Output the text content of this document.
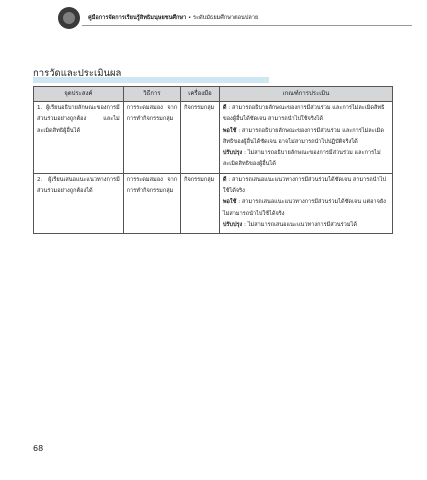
คู่มือการจัดการเรียนรู้สิทธิมนุษยชนศึกษา • ระดับมัธยมศึกษาตอนปลาย
การวัดและประเมินผล
จุดประสงค์	วิธีการ	เครื่องมือ	เกณฑ์การประเมิน
1. ผู้เรียนอธิบายลักษณะของการมีส่วนร่วมอย่างถูกต้อง และไม่ละเมิดสิทธิผู้อื่นได้	การระดมสมอง จากการทำกิจกรรมกลุ่ม	กิจกรรมกลุ่ม	ดี : สามารถอธิบายลักษณะของการมีส่วนร่วม และการไม่ละเมิดสิทธิของผู้อื่นได้ชัดเจน สามารถนำไปใช้จริงได้
พอใช้ : สามารถอธิบายลักษณะของการมีส่วนร่วม และการไม่ละเมิดสิทธิของผู้อื่นได้ชัดเจน อาจไม่สามารถนำไปปฏิบัติจริงได้
ปรับปรุง : ไม่สามารถอธิบายลักษณะของการมีส่วนร่วม และการไม่ละเมิดสิทธิของผู้อื่นได้

2. ผู้เรียนเสนอแนะแนวทางการมีส่วนร่วมอย่างถูกต้องได้	การระดมสมอง จากการทำกิจกรรมกลุ่ม	กิจกรรมกลุ่ม	ดี : สามารถเสนอแนะแนวทางการมีส่วนร่วมได้ชัดเจน สามารถนำไปใช้ได้จริง
พอใช้ : สามารถเสนอแนะแนวทางการมีส่วนร่วมได้ชัดเจน แต่อาจยังไม่สามารถนำไปใช้ได้จริง
ปรับปรุง : ไม่สามารถเสนอแนะแนวทางการมีส่วนร่วมได้
68
